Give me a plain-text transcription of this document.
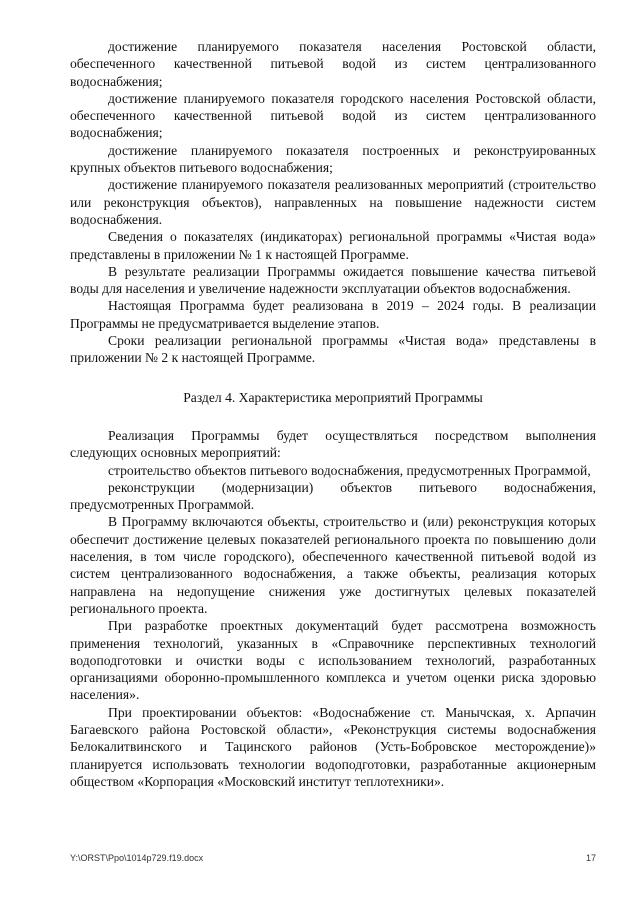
достижение планируемого показателя населения Ростовской области, обеспеченного качественной питьевой водой из систем централизованного водоснабжения;

достижение планируемого показателя городского населения Ростовской области, обеспеченного качественной питьевой водой из систем централизованного водоснабжения;

достижение планируемого показателя построенных и реконструированных крупных объектов питьевого водоснабжения;

достижение планируемого показателя реализованных мероприятий (строительство или реконструкция объектов), направленных на повышение надежности систем водоснабжения.

Сведения о показателях (индикаторах) региональной программы «Чистая вода» представлены в приложении № 1 к настоящей Программе.

В результате реализации Программы ожидается повышение качества питьевой воды для населения и увеличение надежности эксплуатации объектов водоснабжения.

Настоящая Программа будет реализована в 2019 – 2024 годы. В реализации Программы не предусматривается выделение этапов.

Сроки реализации региональной программы «Чистая вода» представлены в приложении № 2 к настоящей Программе.

Раздел 4. Характеристика мероприятий Программы

Реализация Программы будет осуществляться посредством выполнения следующих основных мероприятий:

строительство объектов питьевого водоснабжения, предусмотренных Программой,

реконструкции (модернизации) объектов питьевого водоснабжения, предусмотренных Программой.

В Программу включаются объекты, строительство и (или) реконструкция которых обеспечит достижение целевых показателей регионального проекта по повышению доли населения, в том числе городского), обеспеченного качественной питьевой водой из систем централизованного водоснабжения, а также объекты, реализация которых направлена на недопущение снижения уже достигнутых целевых показателей регионального проекта.

При разработке проектных документаций будет рассмотрена возможность применения технологий, указанных в «Справочнике перспективных технологий водоподготовки и очистки воды с использованием технологий, разработанных организациями оборонно-промышленного комплекса и учетом оценки риска здоровью населения».

При проектировании объектов: «Водоснабжение ст. Манычская, х. Арпачин Багаевского района Ростовской области», «Реконструкция системы водоснабжения Белокалитвинского и Тацинского районов (Усть-Бобровское месторождение)» планируется использовать технологии водоподготовки, разработанные акционерным обществом «Корпорация «Московский институт теплотехники».

Y:\ORST\Ppo\1014p729.f19.docx	17
